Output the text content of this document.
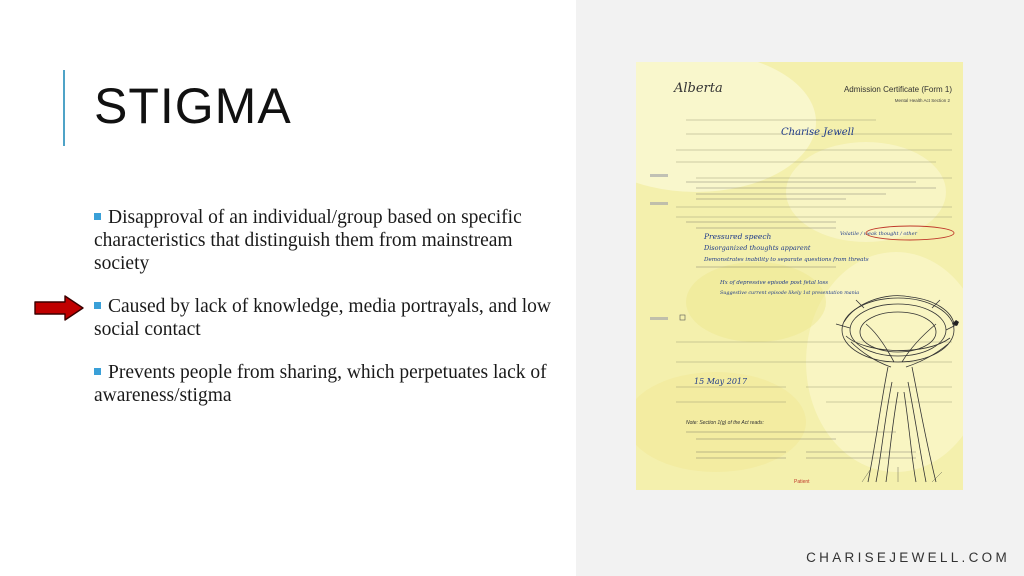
STIGMA
Disapproval of an individual/group based on specific characteristics that distinguish them from mainstream society
Caused by lack of knowledge, media portrayals, and low social contact
Prevents people from sharing, which perpetuates lack of awareness/stigma
Alberta	Admission Certificate (Form 1)
Mental Health Act Section 2
Charise Jewell
Pressured speech	Volatile / weak thought / other
Disorganized thoughts apparent
Demonstrates inability to separate questions from threats
Hx of depressive episode post fetal loss
Suggestive current episode likely 1st presentation mania
15 May 2017
Note: Section 1(g) of the Act reads:
Patient
CHARISEJEWELL.COM
